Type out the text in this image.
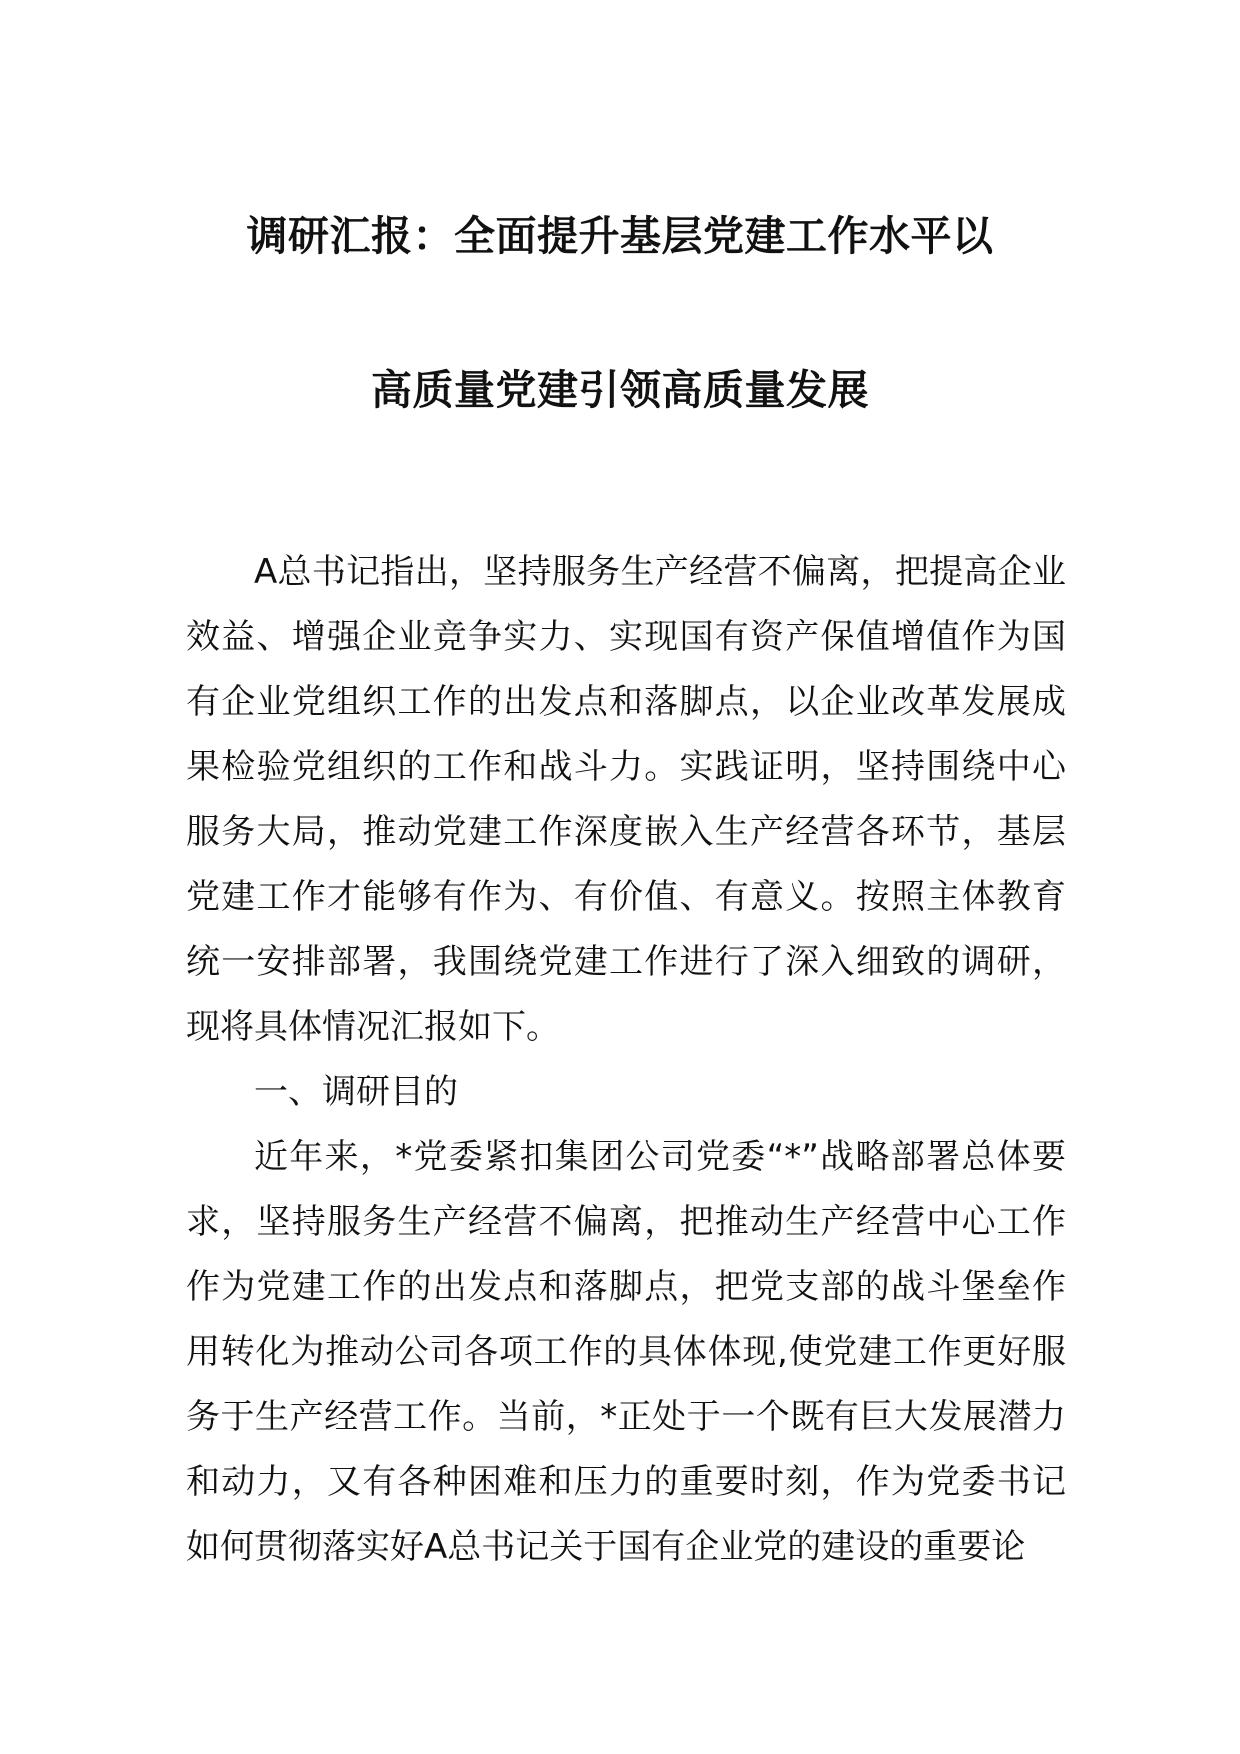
调研汇报：全面提升基层党建工作水平以
高质量党建引领高质量发展

A总书记指出，坚持服务生产经营不偏离，把提高企业效益、增强企业竞争实力、实现国有资产保值增值作为国有企业党组织工作的出发点和落脚点，以企业改革发展成果检验党组织的工作和战斗力。实践证明，坚持围绕中心服务大局，推动党建工作深度嵌入生产经营各环节，基层党建工作才能够有作为、有价值、有意义。按照主体教育统一安排部署，我围绕党建工作进行了深入细致的调研，现将具体情况汇报如下。

一、调研目的

近年来，*党委紧扣集团公司党委“*”战略部署总体要求，坚持服务生产经营不偏离，把推动生产经营中心工作作为党建工作的出发点和落脚点，把党支部的战斗堡垒作用转化为推动公司各项工作的具体体现,使党建工作更好服务于生产经营工作。当前，*正处于一个既有巨大发展潜力和动力，又有各种困难和压力的重要时刻，作为党委书记如何贯彻落实好A总书记关于国有企业党的建设的重要论
